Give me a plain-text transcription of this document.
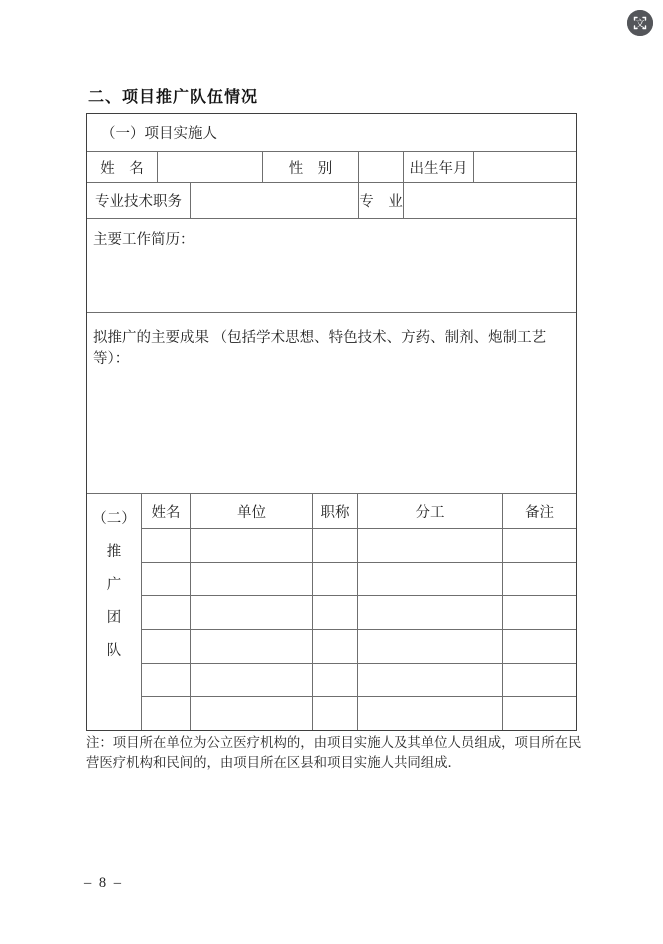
文
二、项目推广队伍情况
（一）项目实施人
姓　名	性　别	出生年月
专业技术职务	专　业
主要工作简历：
拟推广的主要成果 （包括学术思想、特色技术、方药、制剂、炮制工艺等）：
（二）
推
广
团
队
姓名	单位	职称	分工	备注
注：项目所在单位为公立医疗机构的，由项目实施人及其单位人员组成，项目所在民
营医疗机构和民间的，由项目所在区县和项目实施人共同组成．
– 8 –
